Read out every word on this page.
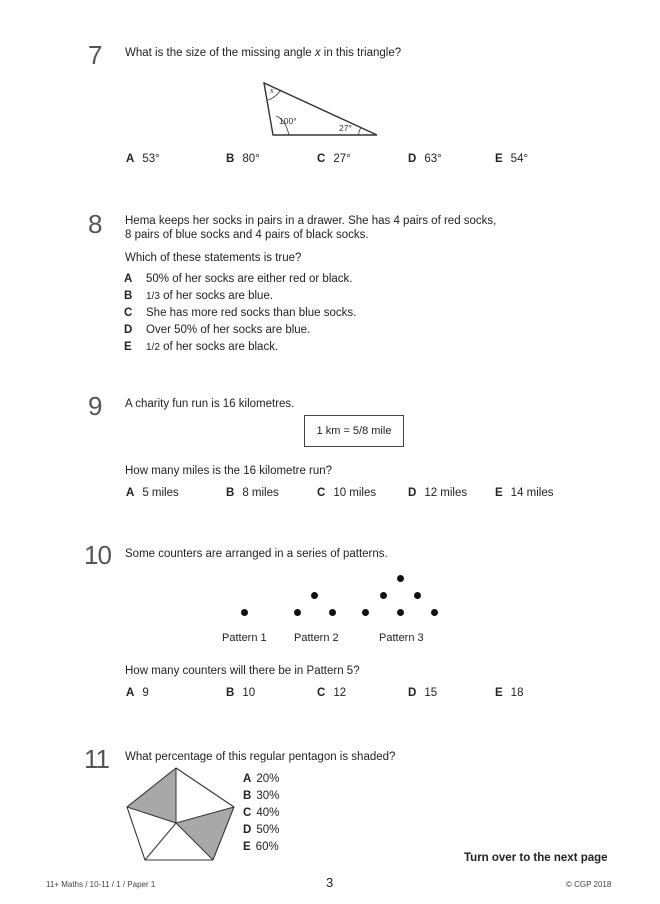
7 What is the size of the missing angle x in this triangle?
x
100°
27°
A 53°	B 80°	C 27°	D 63°	E 54°
8 Hema keeps her socks in pairs in a drawer. She has 4 pairs of red socks,
8 pairs of blue socks and 4 pairs of black socks.
Which of these statements is true?
A 50% of her socks are either red or black.
B 1/3 of her socks are blue.
C She has more red socks than blue socks.
D Over 50% of her socks are blue.
E 1/2 of her socks are black.
9 A charity fun run is 16 kilometres.
1 km = 5/8 mile
How many miles is the 16 kilometre run?
A 5 miles	B 8 miles	C 10 miles	D 12 miles E 14 miles
10 Some counters are arranged in a series of patterns.
Pattern 1 Pattern 2	Pattern 3
How many counters will there be in Pattern 5?
A 9	B 10	C 12	D 15	E 18
11 What percentage of this regular pentagon is shaded?
A 20%
B 30%
C 40%
D 50%
E 60%
Turn over to the next page
11+ Maths / 10-11 / 1 / Paper 1	3	© CGP 2018
